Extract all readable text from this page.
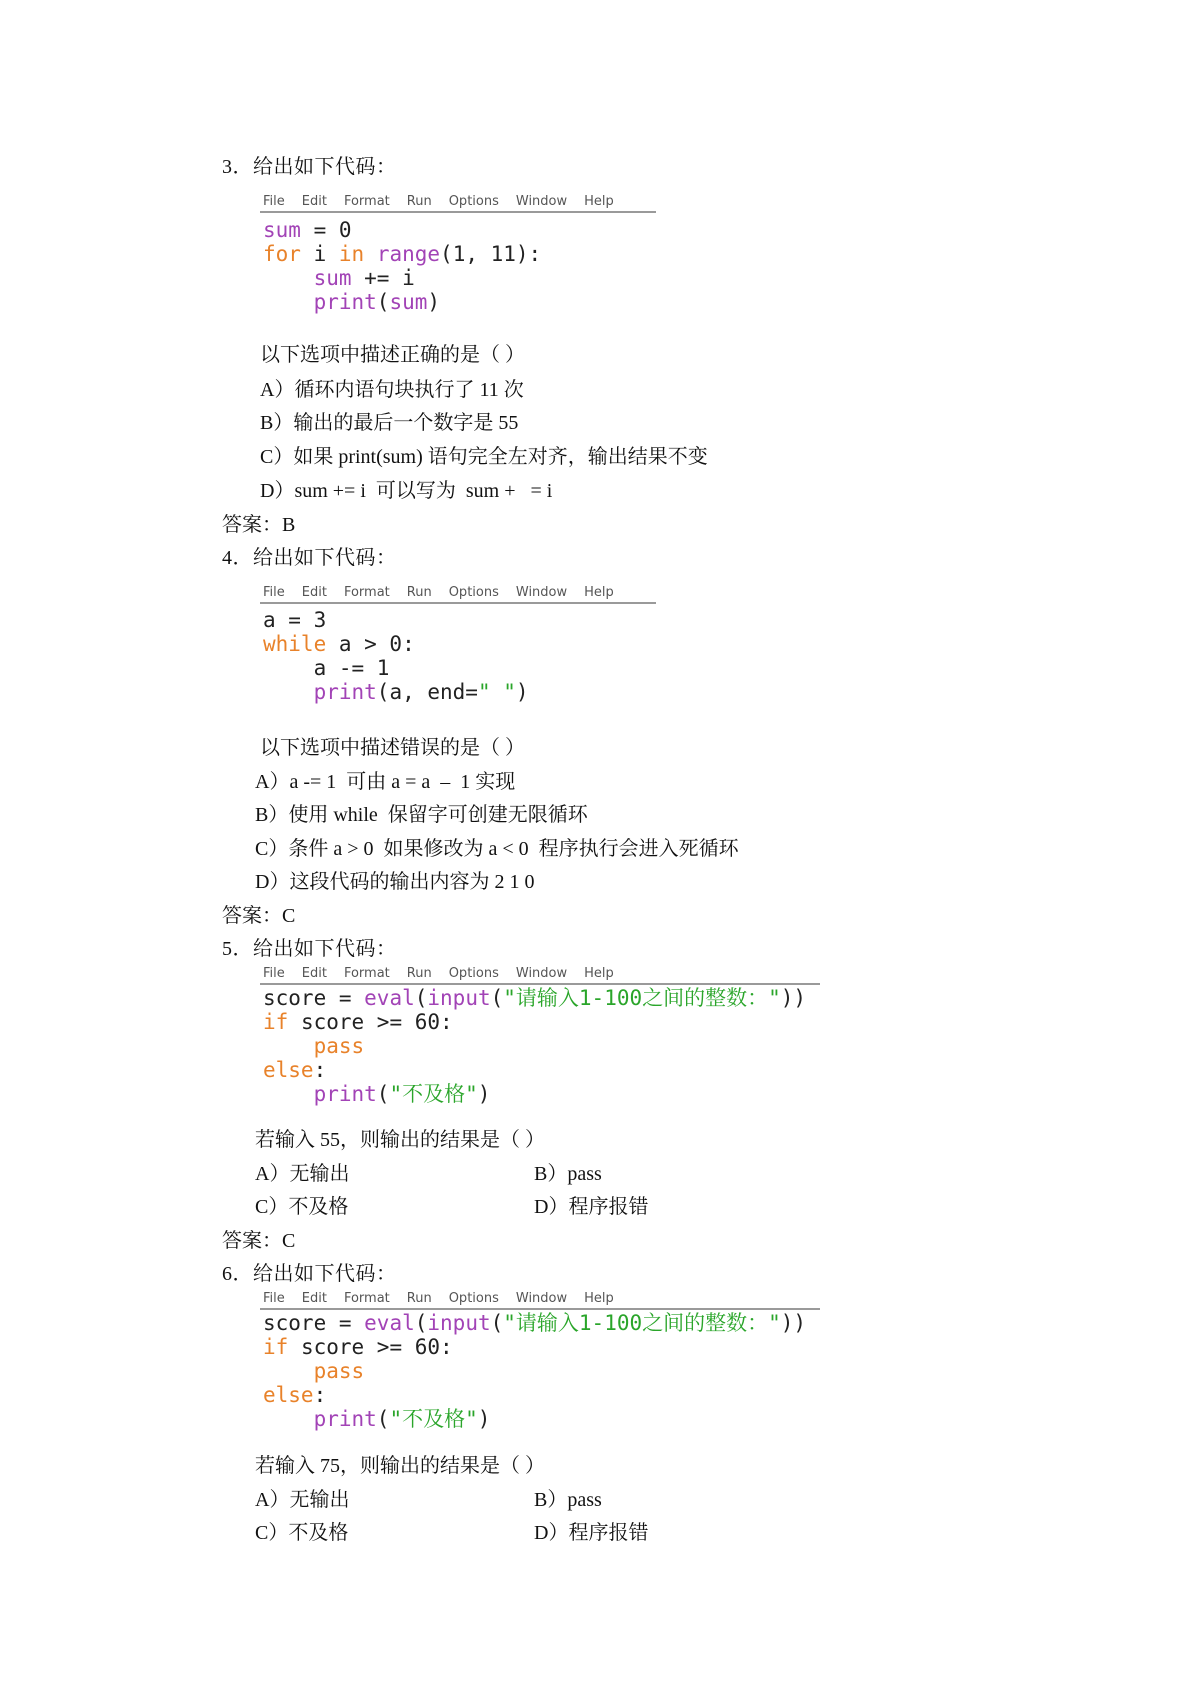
3．给出如下代码：
File Edit Format Run Options Window Help
sum = 0
for i in range(1, 11):
sum += i
print(sum)
以下选项中描述正确的是（ ）
A）循环内语句块执行了 11 次
B）输出的最后一个数字是 55
C）如果 print(sum) 语句完全左对齐，输出结果不变
D）sum += i  可以写为  sum +   = i
答案：B
4．给出如下代码：
File Edit Format Run Options Window Help
a = 3
while a > 0:
a -= 1
print(a, end=" ")
以下选项中描述错误的是（ ）
A）a -= 1  可由 a = a  –  1 实现
B）使用 while  保留字可创建无限循环
C）条件 a > 0  如果修改为 a < 0  程序执行会进入死循环
D）这段代码的输出内容为 2 1 0
答案：C
5．给出如下代码：
File Edit Format Run Options Window Help
score = eval(input("请输入1-100之间的整数："))
if score >= 60:
pass
else:
print("不及格")
若输入 55，则输出的结果是（ ）
A）无输出	B）pass
C）不及格	D）程序报错
答案：C
6．给出如下代码：
File Edit Format Run Options Window Help
score = eval(input("请输入1-100之间的整数："))
if score >= 60:
pass
else:
print("不及格")
若输入 75，则输出的结果是（ ）
A）无输出	B）pass
C）不及格	D）程序报错
